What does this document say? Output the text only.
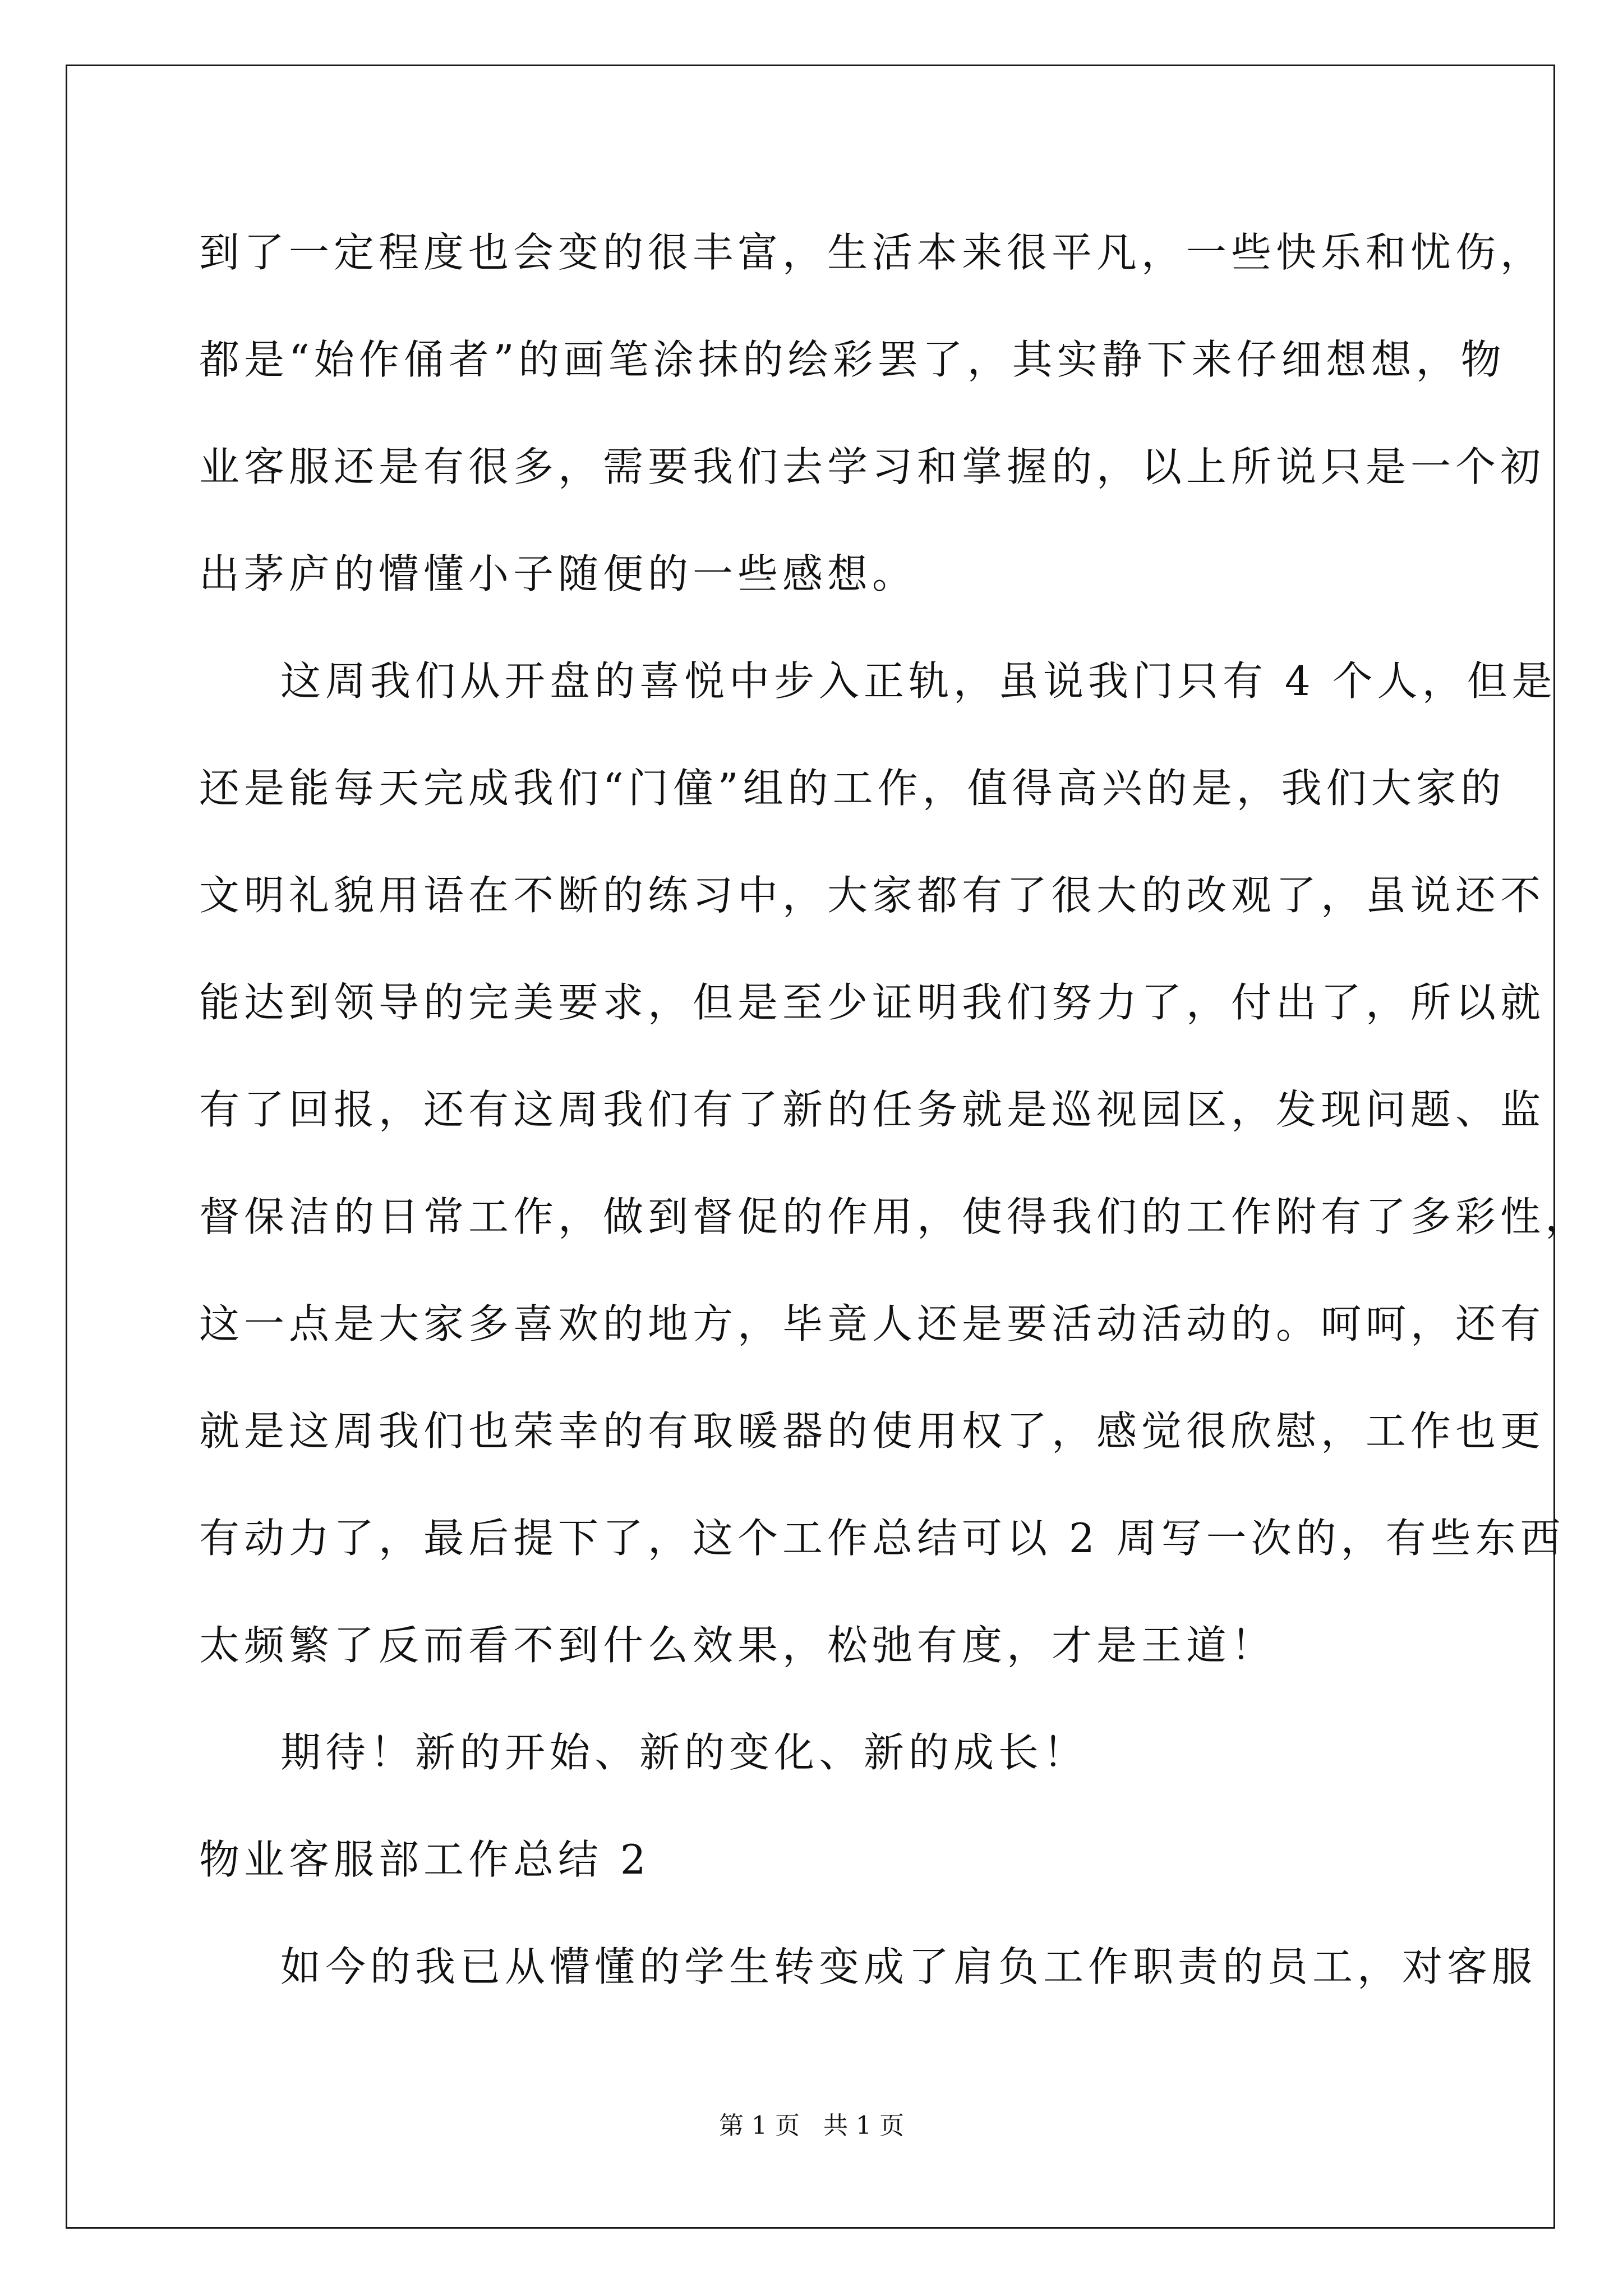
到了一定程度也会变的很丰富，生活本来很平凡，一些快乐和忧伤，
都是“始作俑者”的画笔涂抹的绘彩罢了，其实静下来仔细想想，物
业客服还是有很多，需要我们去学习和掌握的，以上所说只是一个初
出茅庐的懵懂小子随便的一些感想。
这周我们从开盘的喜悦中步入正轨，虽说我门只有 4 个人，但是
还是能每天完成我们“门僮”组的工作，值得高兴的是，我们大家的
文明礼貌用语在不断的练习中，大家都有了很大的改观了，虽说还不
能达到领导的完美要求，但是至少证明我们努力了，付出了，所以就
有了回报，还有这周我们有了新的任务就是巡视园区，发现问题、监
督保洁的日常工作，做到督促的作用，使得我们的工作附有了多彩性，
这一点是大家多喜欢的地方，毕竟人还是要活动活动的。呵呵，还有
就是这周我们也荣幸的有取暖器的使用权了，感觉很欣慰，工作也更
有动力了，最后提下了，这个工作总结可以 2 周写一次的，有些东西
太频繁了反而看不到什么效果，松弛有度，才是王道！
期待！新的开始、新的变化、新的成长！
物业客服部工作总结 2
如今的我已从懵懂的学生转变成了肩负工作职责的员工，对客服
第 1 页 共 1 页
